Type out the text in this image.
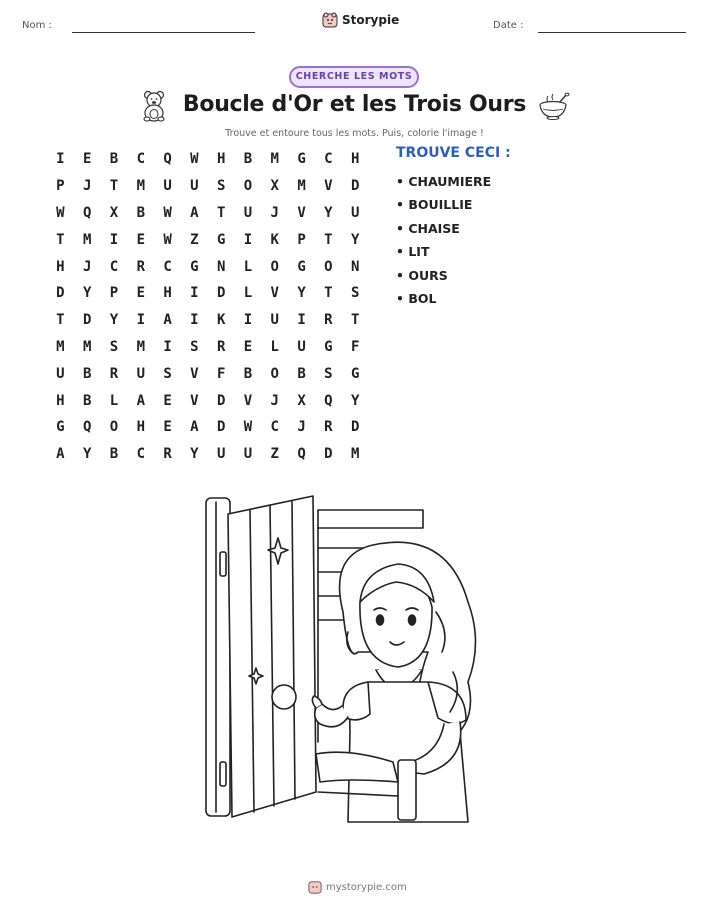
Nom :	Storypie	Date :
CHERCHE LES MOTS
Boucle d'Or et les Trois Ours
Trouve et entoure tous les mots. Puis, colorie l'image !
I	E	B	C	Q	W	H	B	M	G	C	H
P	J	T	M	U	U	S	O	X	M	V	D
W	Q	X	B	W	A	T	U	J	V	Y	U
T	M	I	E	W	Z	G	I	K	P	T	Y
H	J	C	R	C	G	N	L	O	G	O	N
D	Y	P	E	H	I	D	L	V	Y	T	S
T	D	Y	I	A	I	K	I	U	I	R	T
M	M	S	M	I	S	R	E	L	U	G	F
U	B	R	U	S	V	F	B	O	B	S	G
H	B	L	A	E	V	D	V	J	X	Q	Y
G	Q	O	H	E	A	D	W	C	J	R	D
A	Y	B	C	R	Y	U	U	Z	Q	D	M
TROUVE CECI :
• CHAUMIERE
• BOUILLIE
• CHAISE
• LIT
• OURS
• BOL
mystorypie.com
